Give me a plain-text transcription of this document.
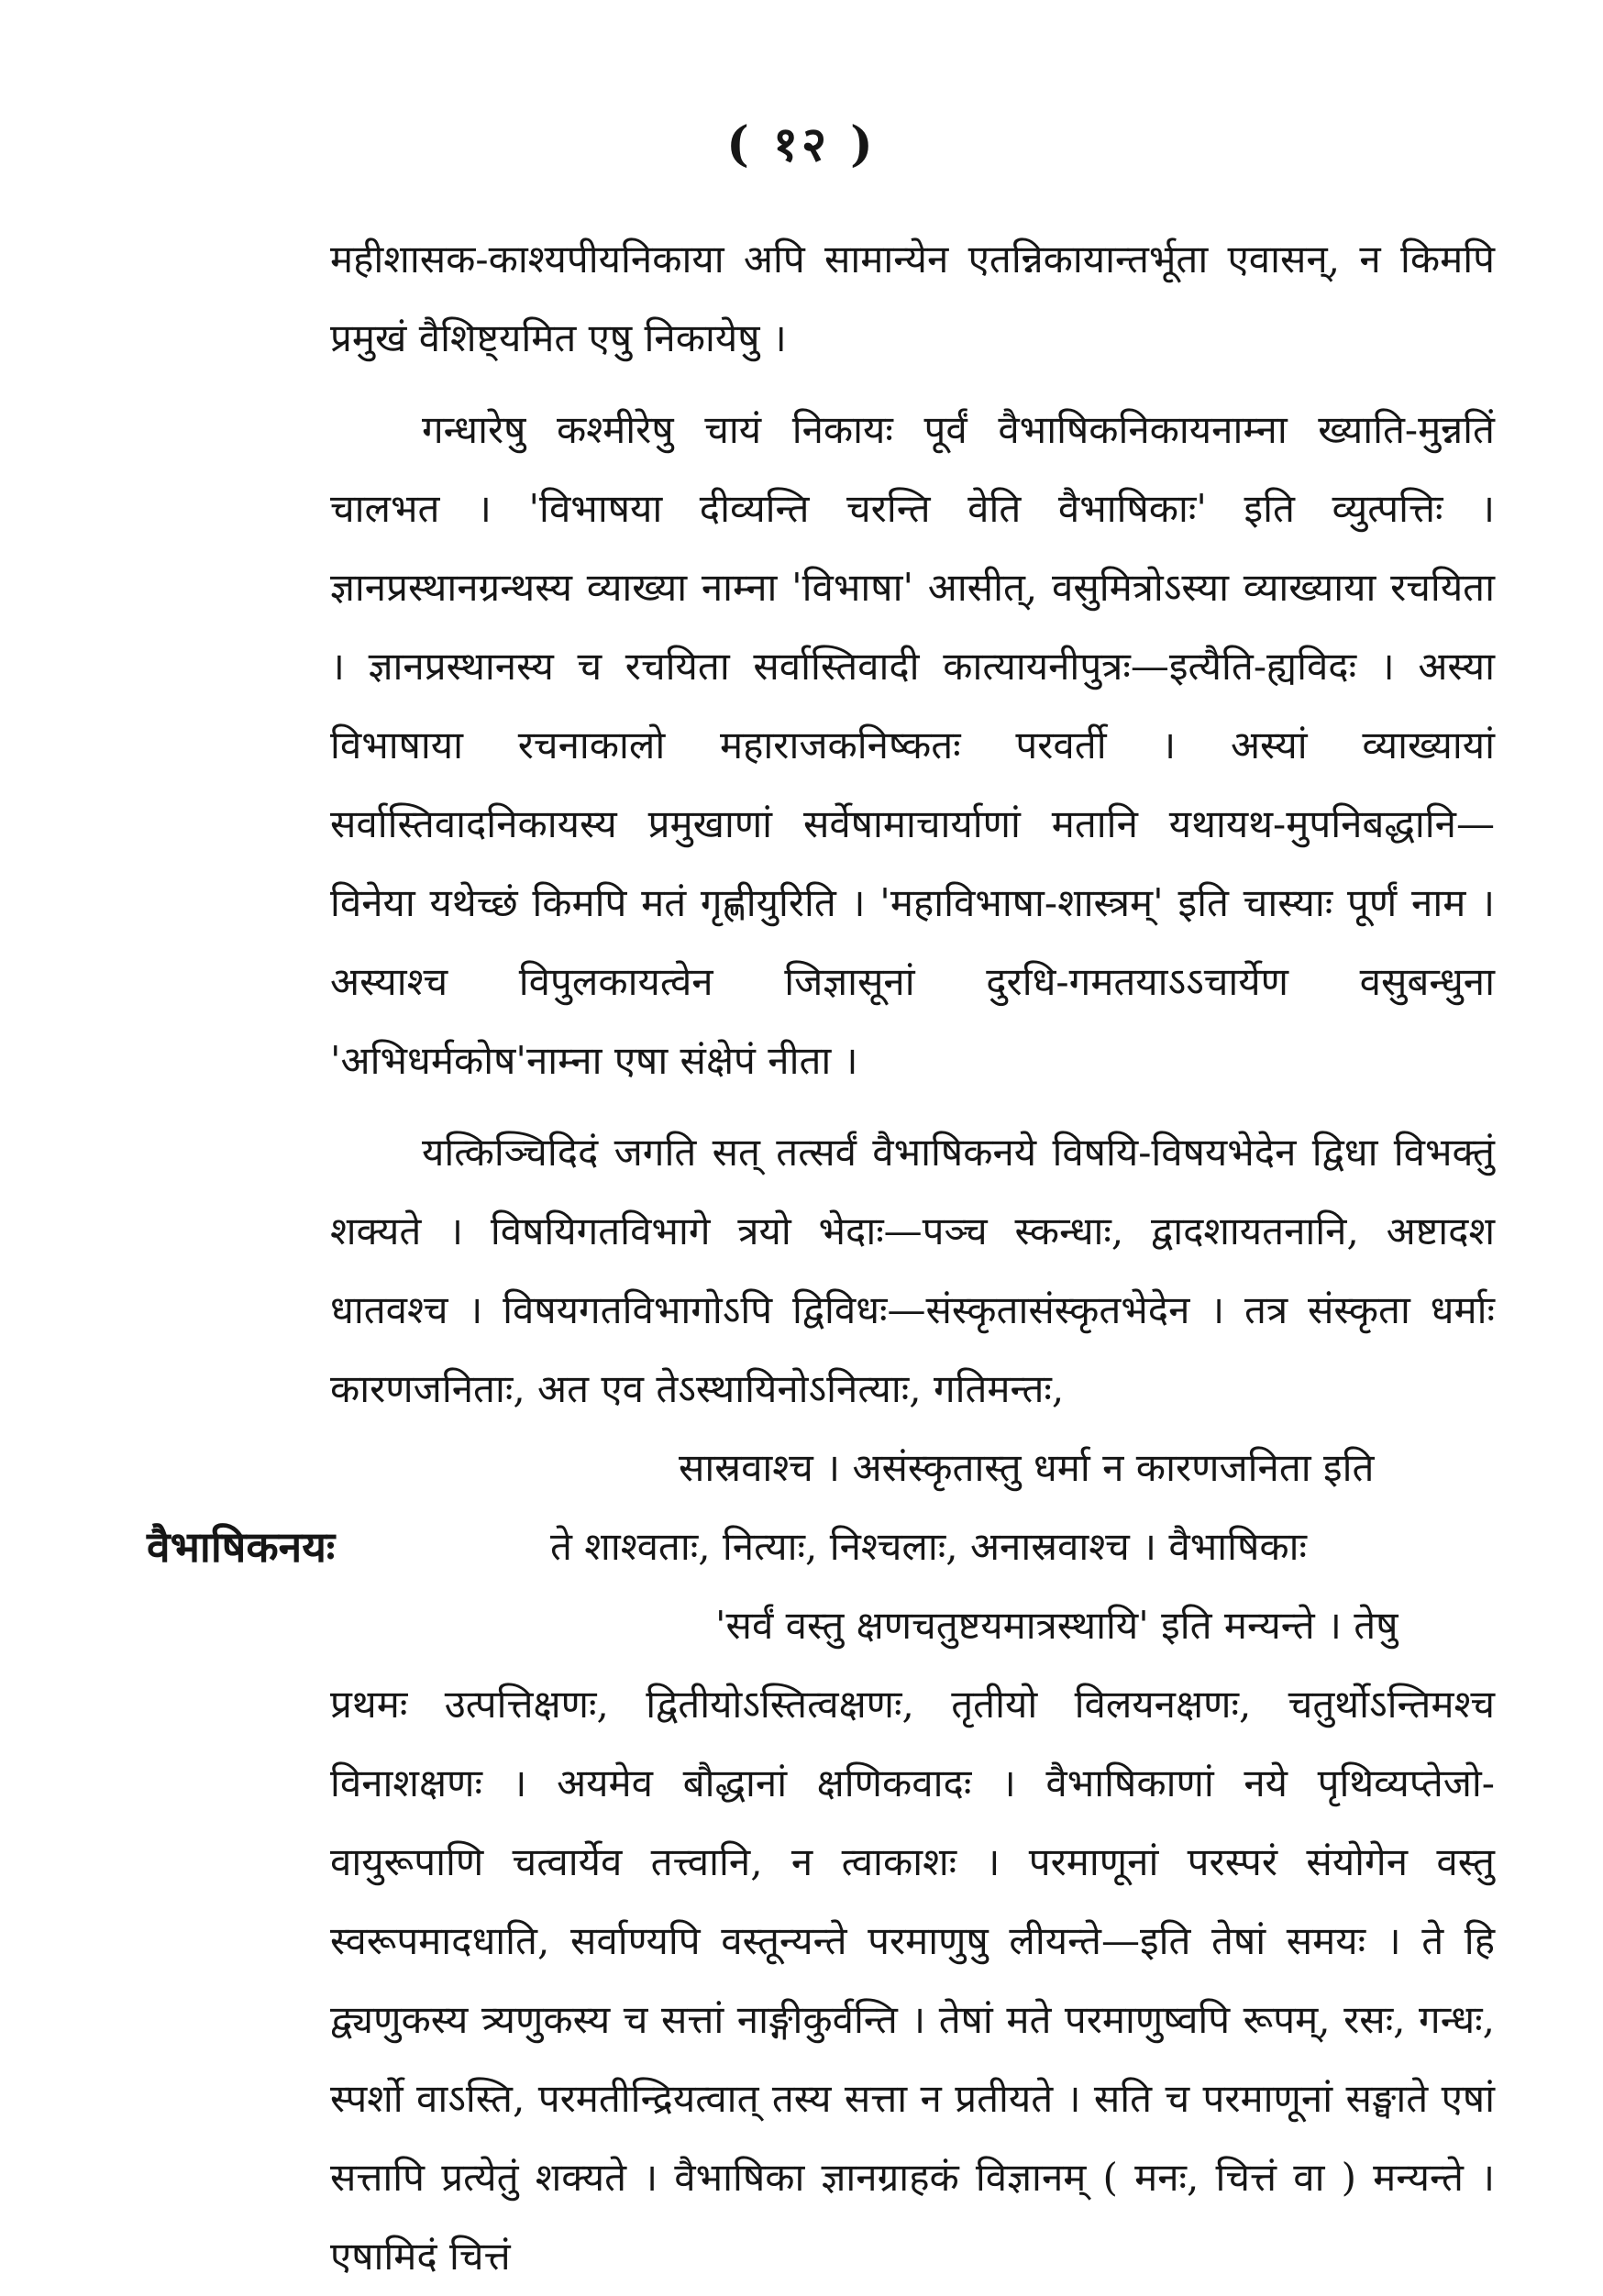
( १२ )

महीशासक-काश्यपीयनिकाया अपि सामान्येन एतन्निकायान्तर्भूता एवासन्, न किमपि प्रमुखं वैशिष्ट्यमित एषु निकायेषु ।

गन्धारेषु कश्मीरेषु चायं निकायः पूर्वं वैभाषिकनिकायनाम्ना ख्याति-मुन्नतिं चालभत । 'विभाषया दीव्यन्ति चरन्ति वेति वैभाषिकाः' इति व्युत्पत्तिः । ज्ञानप्रस्थानग्रन्थस्य व्याख्या नाम्ना 'विभाषा' आसीत्, वसुमित्रोऽस्या व्याख्याया रचयिता । ज्ञानप्रस्थानस्य च रचयिता सर्वास्तिवादी कात्यायनीपुत्रः—इत्यैति-ह्यविदः । अस्या विभाषाया रचनाकालो महाराजकनिष्कतः परवर्ती । अस्यां व्याख्यायां सर्वास्तिवादनिकायस्य प्रमुखाणां सर्वेषामाचार्याणां मतानि यथायथ-मुपनिबद्धानि—विनेया यथेच्छं किमपि मतं गृह्णीयुरिति । 'महाविभाषा-शास्त्रम्' इति चास्याः पूर्णं नाम । अस्याश्च विपुलकायत्वेन जिज्ञासूनां दुरधि-गमतयाऽऽचार्येण वसुबन्धुना 'अभिधर्मकोष'नाम्ना एषा संक्षेपं नीता ।

यत्किञ्चिदिदं जगति सत् तत्सर्वं वैभाषिकनये विषयि-विषयभेदेन द्विधा विभक्तुं शक्यते । विषयिगतविभागे त्रयो भेदाः—पञ्च स्कन्धाः, द्वादशायतनानि, अष्टादश धातवश्च । विषयगतविभागोऽपि द्विविधः—संस्कृतासंस्कृतभेदेन । तत्र संस्कृता धर्माः कारणजनिताः, अत एव तेऽस्थायिनोऽनित्याः, गतिमन्तः,

वैभाषिकनयः
सास्रवाश्च । असंस्कृतास्तु धर्मा न कारणजनिता इति
ते शाश्वताः, नित्याः, निश्चलाः, अनास्रवाश्च । वैभाषिकाः
'सर्वं वस्तु क्षणचतुष्टयमात्रस्थायि' इति मन्यन्ते । तेषु

प्रथमः उत्पत्तिक्षणः, द्वितीयोऽस्तित्वक्षणः, तृतीयो विलयनक्षणः, चतुर्थोऽन्तिमश्च विनाशक्षणः । अयमेव बौद्धानां क्षणिकवादः । वैभाषिकाणां नये पृथिव्यप्तेजो-वायुरूपाणि चत्वार्येव तत्त्वानि, न त्वाकाशः । परमाणूनां परस्परं संयोगेन वस्तु स्वरूपमादधाति, सर्वाण्यपि वस्तून्यन्ते परमाणुषु लीयन्ते—इति तेषां समयः । ते हि द्व्यणुकस्य त्र्यणुकस्य च सत्तां नाङ्गीकुर्वन्ति । तेषां मते परमाणुष्वपि रूपम्, रसः, गन्धः, स्पर्शो वाऽस्ति, परमतीन्द्रियत्वात् तस्य सत्ता न प्रतीयते । सति च परमाणूनां सङ्घाते एषां सत्तापि प्रत्येतुं शक्यते । वैभाषिका ज्ञानग्राहकं विज्ञानम् ( मनः, चित्तं वा ) मन्यन्ते । एषामिदं चित्तं
